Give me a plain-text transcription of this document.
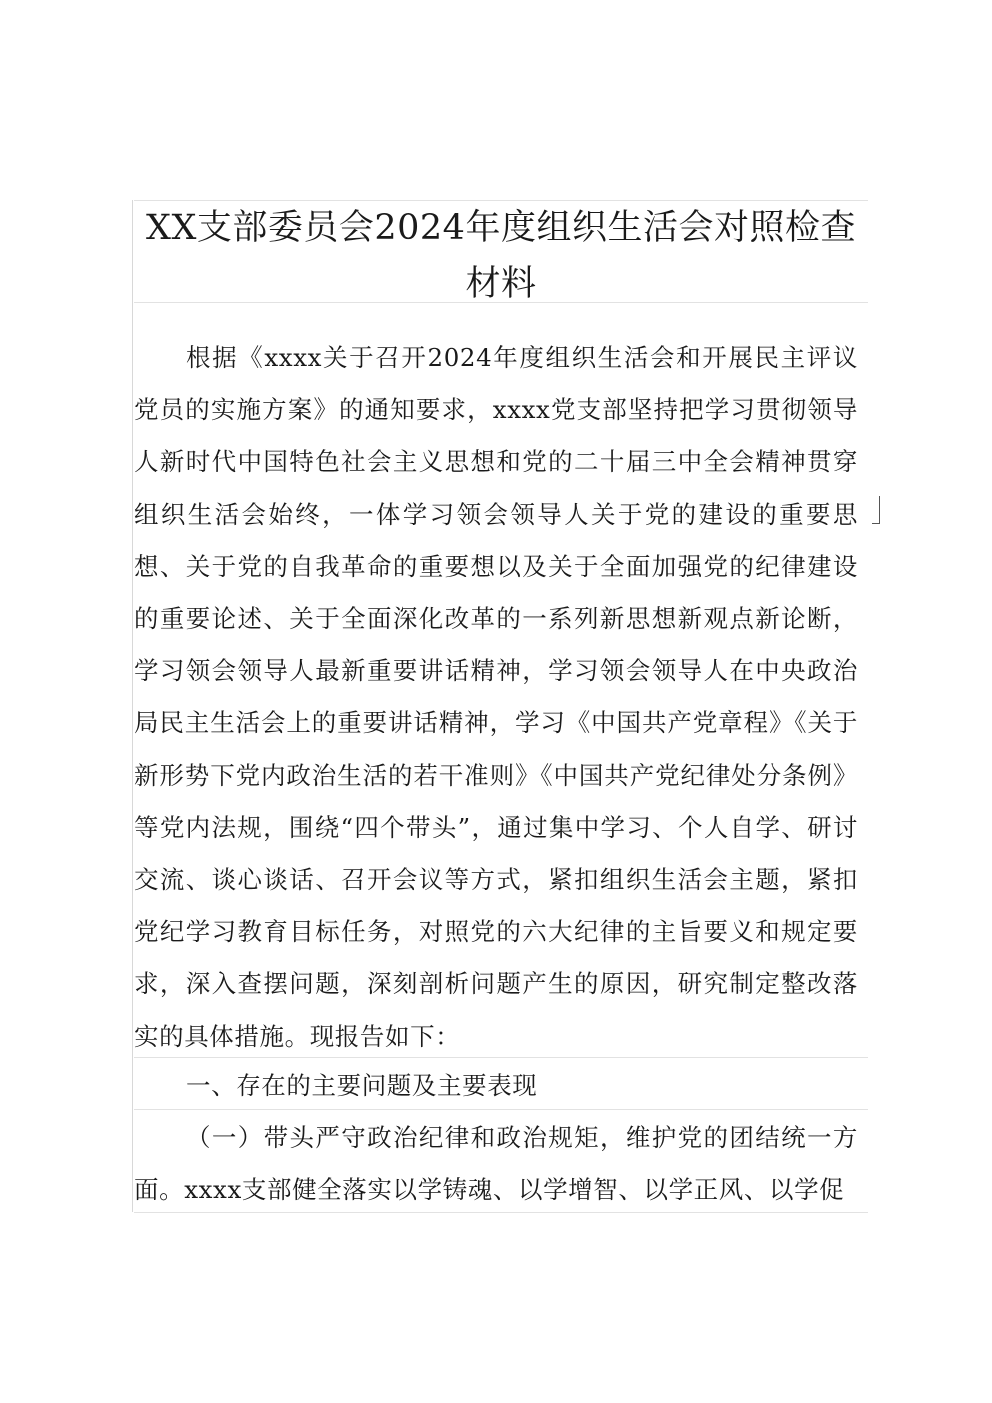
XX支部委员会2024年度组织生活会对照检查材料

根据《xxxx关于召开2024年度组织生活会和开展民主评议党员的实施方案》的通知要求，xxxx党支部坚持把学习贯彻领导人新时代中国特色社会主义思想和党的二十届三中全会精神贯穿组织生活会始终，一体学习领会领导人关于党的建设的重要思想、关于党的自我革命的重要想以及关于全面加强党的纪律建设的重要论述、关于全面深化改革的一系列新思想新观点新论断，学习领会领导人最新重要讲话精神，学习领会领导人在中央政治局民主生活会上的重要讲话精神，学习《中国共产党章程》《关于新形势下党内政治生活的若干准则》《中国共产党纪律处分条例》等党内法规，围绕“四个带头”，通过集中学习、个人自学、研讨交流、谈心谈话、召开会议等方式，紧扣组织生活会主题，紧扣党纪学习教育目标任务，对照党的六大纪律的主旨要义和规定要求，深入查摆问题，深刻剖析问题产生的原因，研究制定整改落实的具体措施。现报告如下：

一、存在的主要问题及主要表现

（一）带头严守政治纪律和政治规矩，维护党的团结统一方面。xxxx支部健全落实以学铸魂、以学增智、以学正风、以学促
